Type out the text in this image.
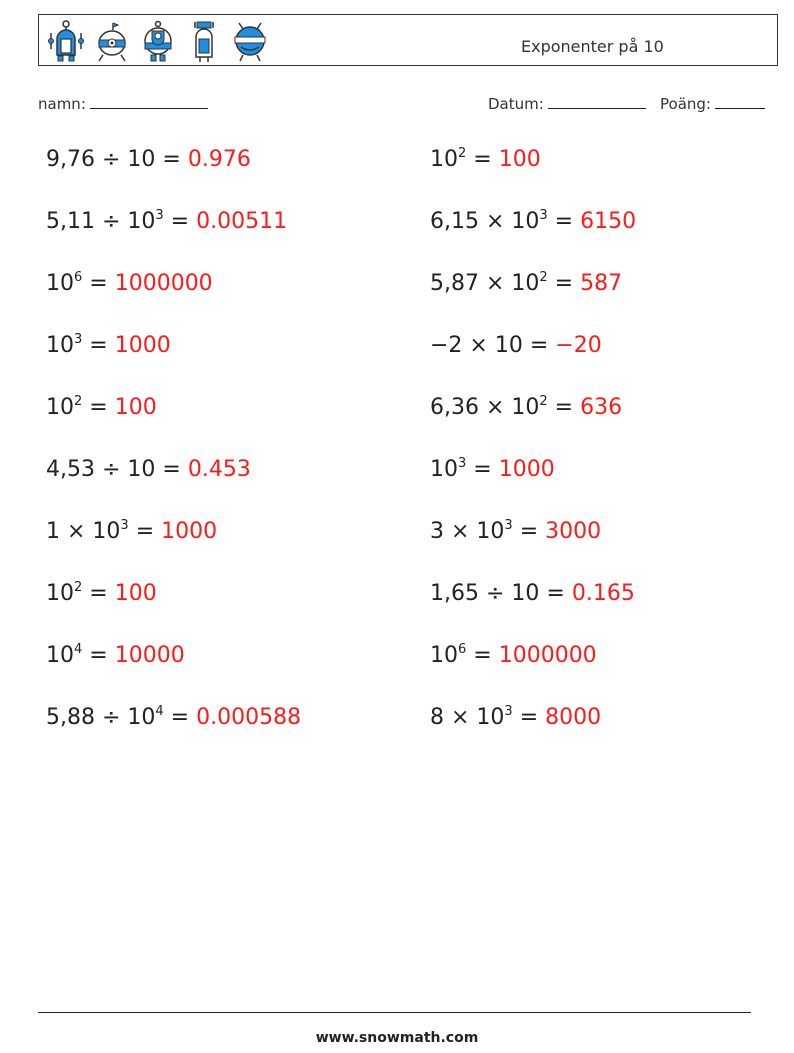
Exponenter på 10
namn:	Datum:	Poäng:
9,76 ÷ 10 = 0.976	$10^2 = 100$
$5,11 \div 10^3 = 0.00511$	$6,15 \times 10^3 = 6150$
$10^6 = 1000000$	$5,87 \times 10^2 = 587$
$10^3 = 1000$	−2 × 10 = −20
$10^2 = 100$	$6,36 \times 10^2 = 636$
4,53 ÷ 10 = 0.453	$10^3 = 1000$
$1 \times 10^3 = 1000$	$3 \times 10^3 = 3000$
$10^2 = 100$	1,65 ÷ 10 = 0.165
$10^4 = 10000$	$10^6 = 1000000$
$5,88 \div 10^4 = 0.000588$	$8 \times 10^3 = 8000$
www.snowmath.com
